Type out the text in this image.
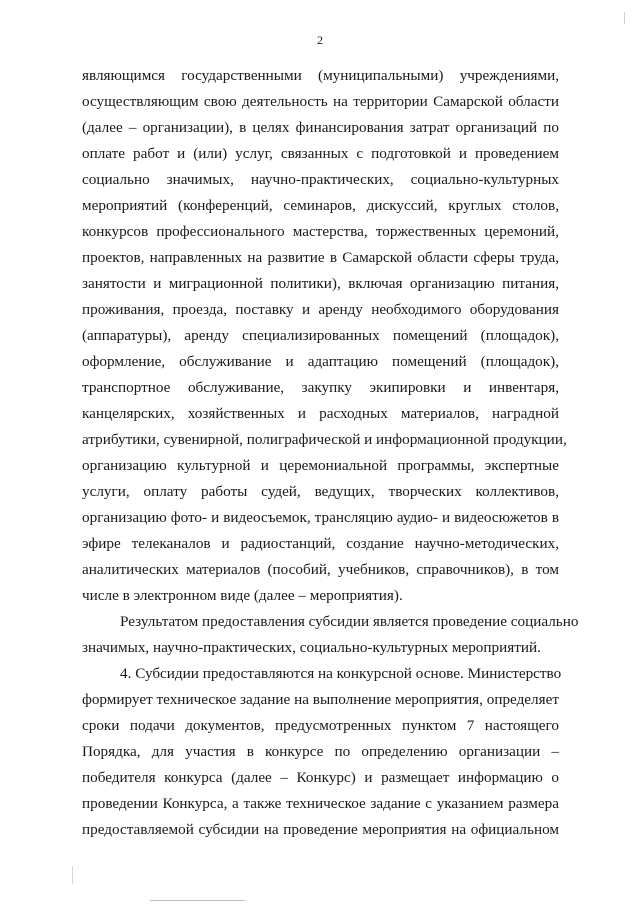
2
являющимся государственными (муниципальными) учреждениями,
осуществляющим свою деятельность на территории Самарской области
(далее – организации), в целях финансирования затрат организаций по
оплате работ и (или) услуг, связанных с подготовкой и проведением
социально значимых, научно-практических, социально-культурных
мероприятий (конференций, семинаров, дискуссий, круглых столов,
конкурсов профессионального мастерства, торжественных церемоний,
проектов, направленных на развитие в Самарской области сферы труда,
занятости и миграционной политики), включая организацию питания,
проживания, проезда, поставку и аренду необходимого оборудования
(аппаратуры), аренду специализированных помещений (площадок),
оформление, обслуживание и адаптацию помещений (площадок),
транспортное обслуживание, закупку экипировки и инвентаря,
канцелярских, хозяйственных и расходных материалов, наградной
атрибутики, сувенирной, полиграфической и информационной продукции,
организацию культурной и церемониальной программы, экспертные
услуги, оплату работы судей, ведущих, творческих коллективов,
организацию фото- и видеосъемок, трансляцию аудио- и видеосюжетов в
эфире телеканалов и радиостанций, создание научно-методических,
аналитических материалов (пособий, учебников, справочников), в том
числе в электронном виде (далее – мероприятия).
Результатом предоставления субсидии является проведение социально
значимых, научно-практических, социально-культурных мероприятий.
4. Субсидии предоставляются на конкурсной основе. Министерство
формирует техническое задание на выполнение мероприятия, определяет
сроки подачи документов, предусмотренных пунктом 7 настоящего
Порядка, для участия в конкурсе по определению организации –
победителя конкурса (далее – Конкурс) и размещает информацию о
проведении Конкурса, а также техническое задание с указанием размера
предоставляемой субсидии на проведение мероприятия на официальном
